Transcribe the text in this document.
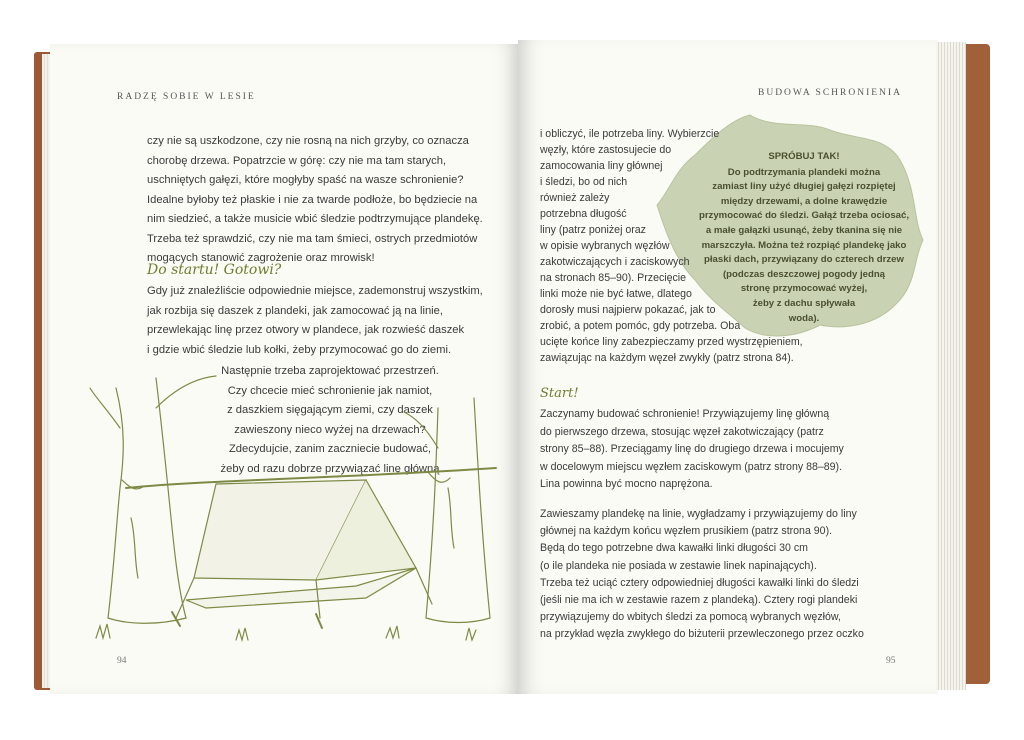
RADZĘ SOBIE W LESIE
czy nie są uszkodzone, czy nie rosną na nich grzyby, co oznacza
chorobę drzewa. Popatrzcie w górę: czy nie ma tam starych,
uschniętych gałęzi, które mogłyby spaść na wasze schronienie?
Idealne byłoby też płaskie i nie za twarde podłoże, bo będziecie na
nim siedzieć, a także musicie wbić śledzie podtrzymujące plandekę.
Trzeba też sprawdzić, czy nie ma tam śmieci, ostrych przedmiotów
mogących stanowić zagrożenie oraz mrowisk!
Do startu! Gotowi?
Gdy już znaleźliście odpowiednie miejsce, zademonstruj wszystkim,
jak rozbija się daszek z plandeki, jak zamocować ją na linie,
przewlekając linę przez otwory w plandece, jak rozwieść daszek
i gdzie wbić śledzie lub kołki, żeby przymocować go do ziemi.
Następnie trzeba zaprojektować przestrzeń.
Czy chcecie mieć schronienie jak namiot,
z daszkiem sięgającym ziemi, czy daszek
zawieszony nieco wyżej na drzewach?
Zdecydujcie, zanim zaczniecie budować,
żeby od razu dobrze przywiązać linę główną
94
BUDOWA SCHRONIENIA
SPRÓBUJ TAK!
Do podtrzymania plandeki można
zamiast liny użyć długiej gałęzi rozpiętej
między drzewami, a dolne krawędzie
przymocować do śledzi. Gałąź trzeba ociosać,
a małe gałązki usunąć, żeby tkanina się nie
marszczyła. Można też rozpiąć plandekę jako
płaski dach, przywiązany do czterech drzew
(podczas deszczowej pogody jedną
stronę przymocować wyżej,
żeby z dachu spływała
woda).
i obliczyć, ile potrzeba liny. Wybierzcie
węzły, które zastosujecie do
zamocowania liny głównej
i śledzi, bo od nich
również zależy
potrzebna długość
liny (patrz poniżej oraz
w opisie wybranych węzłów
zakotwiczających i zaciskowych
na stronach 85–90). Przecięcie
linki może nie być łatwe, dlatego
dorosły musi najpierw pokazać, jak to
zrobić, a potem pomóc, gdy potrzeba. Oba
ucięte końce liny zabezpieczamy przed wystrzępieniem,
zawiązując na każdym węzeł zwykły (patrz strona 84).
Start!
Zaczynamy budować schronienie! Przywiązujemy linę główną
do pierwszego drzewa, stosując węzeł zakotwiczający (patrz
strony 85–88). Przeciągamy linę do drugiego drzewa i mocujemy
w docelowym miejscu węzłem zaciskowym (patrz strony 88–89).
Lina powinna być mocno naprężona.
Zawieszamy plandekę na linie, wygładzamy i przywiązujemy do liny
głównej na każdym końcu węzłem prusikiem (patrz strona 90).
Będą do tego potrzebne dwa kawałki linki długości 30 cm
(o ile plandeka nie posiada w zestawie linek napinających).
Trzeba też uciąć cztery odpowiedniej długości kawałki linki do śledzi
(jeśli nie ma ich w zestawie razem z plandeką). Cztery rogi plandeki
przywiązujemy do wbitych śledzi za pomocą wybranych węzłów,
na przykład węzła zwykłego do biżuterii przewleczonego przez oczko
95
